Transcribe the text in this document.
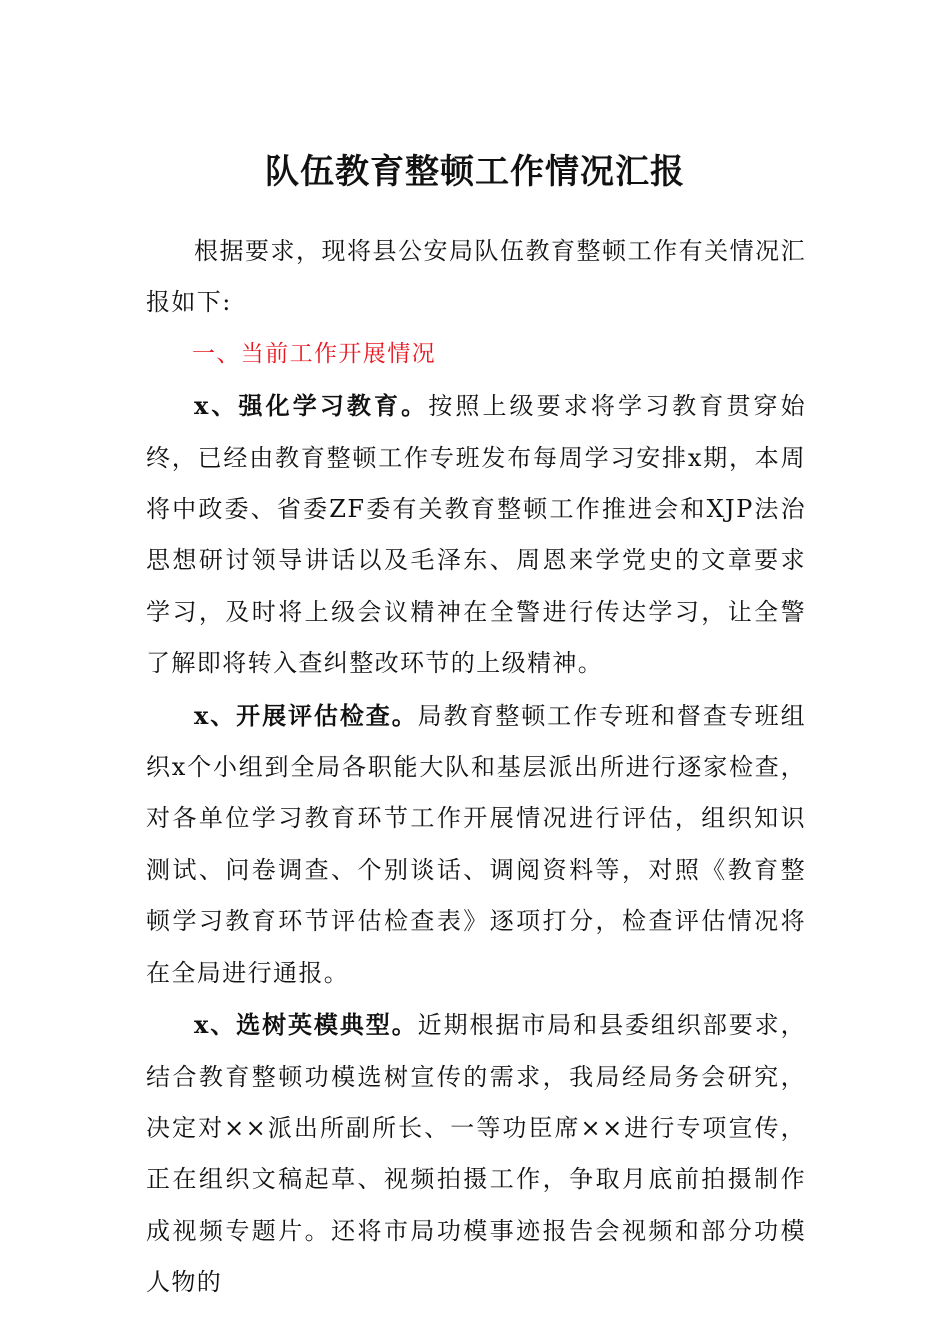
队伍教育整顿工作情况汇报

根据要求，现将县公安局队伍教育整顿工作有关情况汇报如下:

一、当前工作开展情况

x、强化学习教育。按照上级要求将学习教育贯穿始终，已经由教育整顿工作专班发布每周学习安排x期，本周将中政委、省委ZF委有关教育整顿工作推进会和XJP法治思想研讨领导讲话以及毛泽东、周恩来学党史的文章要求学习，及时将上级会议精神在全警进行传达学习，让全警了解即将转入查纠整改环节的上级精神。

x、开展评估检查。局教育整顿工作专班和督查专班组织x个小组到全局各职能大队和基层派出所进行逐家检查，对各单位学习教育环节工作开展情况进行评估，组织知识测试、问卷调查、个别谈话、调阅资料等，对照《教育整顿学习教育环节评估检查表》逐项打分，检查评估情况将在全局进行通报。

x、选树英模典型。近期根据市局和县委组织部要求，结合教育整顿功模选树宣传的需求，我局经局务会研究，决定对××派出所副所长、一等功臣席××进行专项宣传，正在组织文稿起草、视频拍摄工作，争取月底前拍摄制作成视频专题片。还将市局功模事迹报告会视频和部分功模人物的
